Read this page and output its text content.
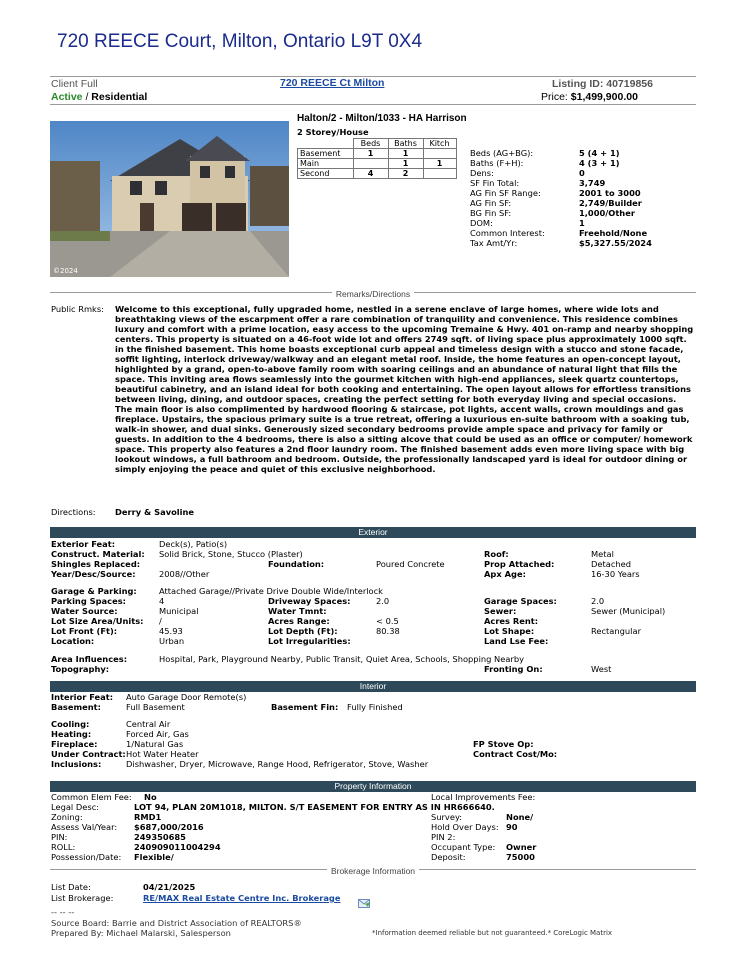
720 REECE Court, Milton, Ontario L9T 0X4
Client Full	720 REECE Ct Milton	Listing ID: 40719856
Active / Residential	Price: $1,499,900.00
©2024
Halton/2 - Milton/1033 - HA Harrison
2 Storey/House
	Beds	Baths	Kitch
Basement	1	1	
Main		1	1
Second	4	2	
Beds (AG+BG):	5 (4 + 1)
Baths (F+H):	4 (3 + 1)
Dens:	0
SF Fin Total:	3,749
AG Fin SF Range:	2001 to 3000
AG Fin SF:	2,749/Builder
BG Fin SF:	1,000/Other
DOM:	1
Common Interest:	Freehold/None
Tax Amt/Yr:	$5,327.55/2024
Remarks/Directions
Public Rmks: Welcome to this exceptional, fully upgraded home, nestled in a serene enclave of large homes, where wide lots and breathtaking views of the escarpment offer a rare combination of tranquility and convenience. This residence combines luxury and comfort with a prime location, easy access to the upcoming Tremaine & Hwy. 401 on-ramp and nearby shopping centers. This property is situated on a 46-foot wide lot and offers 2749 sqft. of living space plus approximately 1000 sqft. in the finished basement. This home boasts exceptional curb appeal and timeless design with a stucco and stone facade, soffit lighting, interlock driveway/walkway and an elegant metal roof. Inside, the home features an open-concept layout, highlighted by a grand, open-to-above family room with soaring ceilings and an abundance of natural light that fills the space. This inviting area flows seamlessly into the gourmet kitchen with high-end appliances, sleek quartz countertops, beautiful cabinetry, and an island ideal for both cooking and entertaining. The open layout allows for effortless transitions between living, dining, and outdoor spaces, creating the perfect setting for both everyday living and special occasions. The main floor is also complimented by hardwood flooring & staircase, pot lights, accent walls, crown mouldings and gas fireplace. Upstairs, the spacious primary suite is a true retreat, offering a luxurious en-suite bathroom with a soaking tub, walk-in shower, and dual sinks. Generously sized secondary bedrooms provide ample space and privacy for family or guests. In addition to the 4 bedrooms, there is also a sitting alcove that could be used as an office or computer/ homework space. This property also features a 2nd floor laundry room. The finished basement adds even more living space with big lookout windows, a full bathroom and bedroom. Outside, the professionally landscaped yard is ideal for outdoor dining or simply enjoying the peace and quiet of this exclusive neighborhood.
Directions: Derry & Savoline
Exterior
Exterior Feat:	Deck(s), Patio(s)
Construct. Material: Solid Brick, Stone, Stucco (Plaster)	Roof:	Metal
Shingles Replaced:	Foundation:	Poured Concrete	Prop Attached:	Detached
Year/Desc/Source:	2008//Other	Apx Age:	16-30 Years
Garage & Parking:	Attached Garage//Private Drive Double Wide/Interlock
Parking Spaces:	4	Driveway Spaces:	2.0	Garage Spaces:	2.0
Water Source:	Municipal	Water Tmnt:	Sewer:	Sewer (Municipal)
Lot Size Area/Units: /	Acres Range:	< 0.5	Acres Rent:
Lot Front (Ft):	45.93	Lot Depth (Ft):	80.38	Lot Shape:	Rectangular
Location:	Urban	Lot Irregularities:	Land Lse Fee:
Area Influences:	Hospital, Park, Playground Nearby, Public Transit, Quiet Area, Schools, Shopping Nearby
Topography:	Fronting On:	West
Interior
Interior Feat: Auto Garage Door Remote(s)
Basement:	Full Basement	Basement Fin: Fully Finished
Cooling:	Central Air
Heating:	Forced Air, Gas
Fireplace:	1/Natural Gas	FP Stove Op:
Under Contract: Hot Water Heater	Contract Cost/Mo:
Inclusions:	Dishwasher, Dryer, Microwave, Range Hood, Refrigerator, Stove, Washer
Property Information
Common Elem Fee: No	Local Improvements Fee:
Legal Desc:	LOT 94, PLAN 20M1018, MILTON. S/T EASEMENT FOR ENTRY AS IN HR666640.
Zoning:	RMD1	Survey:	None/
Assess Val/Year: $687,000/2016	Hold Over Days: 90
PIN:	249350685	PIN 2:
ROLL:	240909011004294	Occupant Type: Owner
Possession/Date: Flexible/	Deposit:	75000
Brokerage Information
List Date:	04/21/2025
List Brokerage:	RE/MAX Real Estate Centre Inc. Brokerage
-- -- --
Source Board: Barrie and District Association of REALTORS®
Prepared By: Michael Malarski, Salesperson	*Information deemed reliable but not guaranteed.* CoreLogic Matrix
